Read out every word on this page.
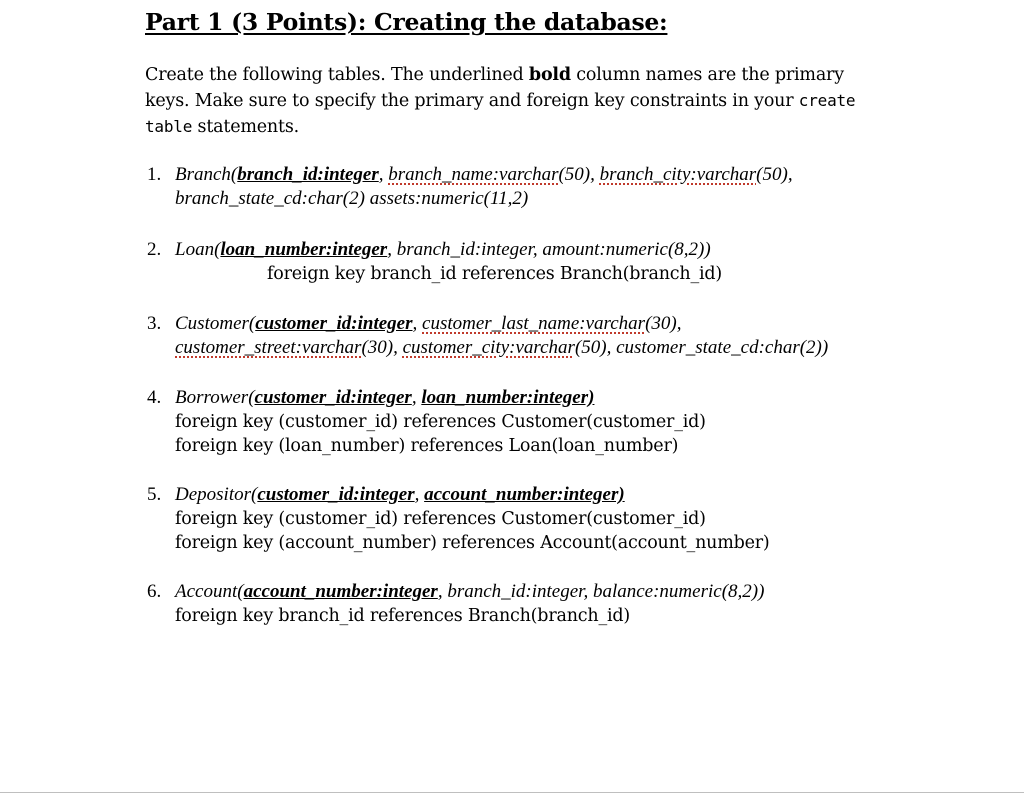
Part 1 (3 Points): Creating the database:
Create the following tables. The underlined bold column names are the primary keys. Make sure to specify the primary and foreign key constraints in your create table statements.
1. Branch(branch_id:integer, branch_name:varchar(50), branch_city:varchar(50),
branch_state_cd:char(2) assets:numeric(11,2)
2. Loan(loan_number:integer, branch_id:integer, amount:numeric(8,2))
foreign key branch_id references Branch(branch_id)
3. Customer(customer_id:integer, customer_last_name:varchar(30),
customer_street:varchar(30), customer_city:varchar(50), customer_state_cd:char(2))
4. Borrower(customer_id:integer, loan_number:integer)
foreign key (customer_id) references Customer(customer_id)
foreign key (loan_number) references Loan(loan_number)
5. Depositor(customer_id:integer, account_number:integer)
foreign key (customer_id) references Customer(customer_id)
foreign key (account_number) references Account(account_number)
6. Account(account_number:integer, branch_id:integer, balance:numeric(8,2))
foreign key branch_id references Branch(branch_id)
